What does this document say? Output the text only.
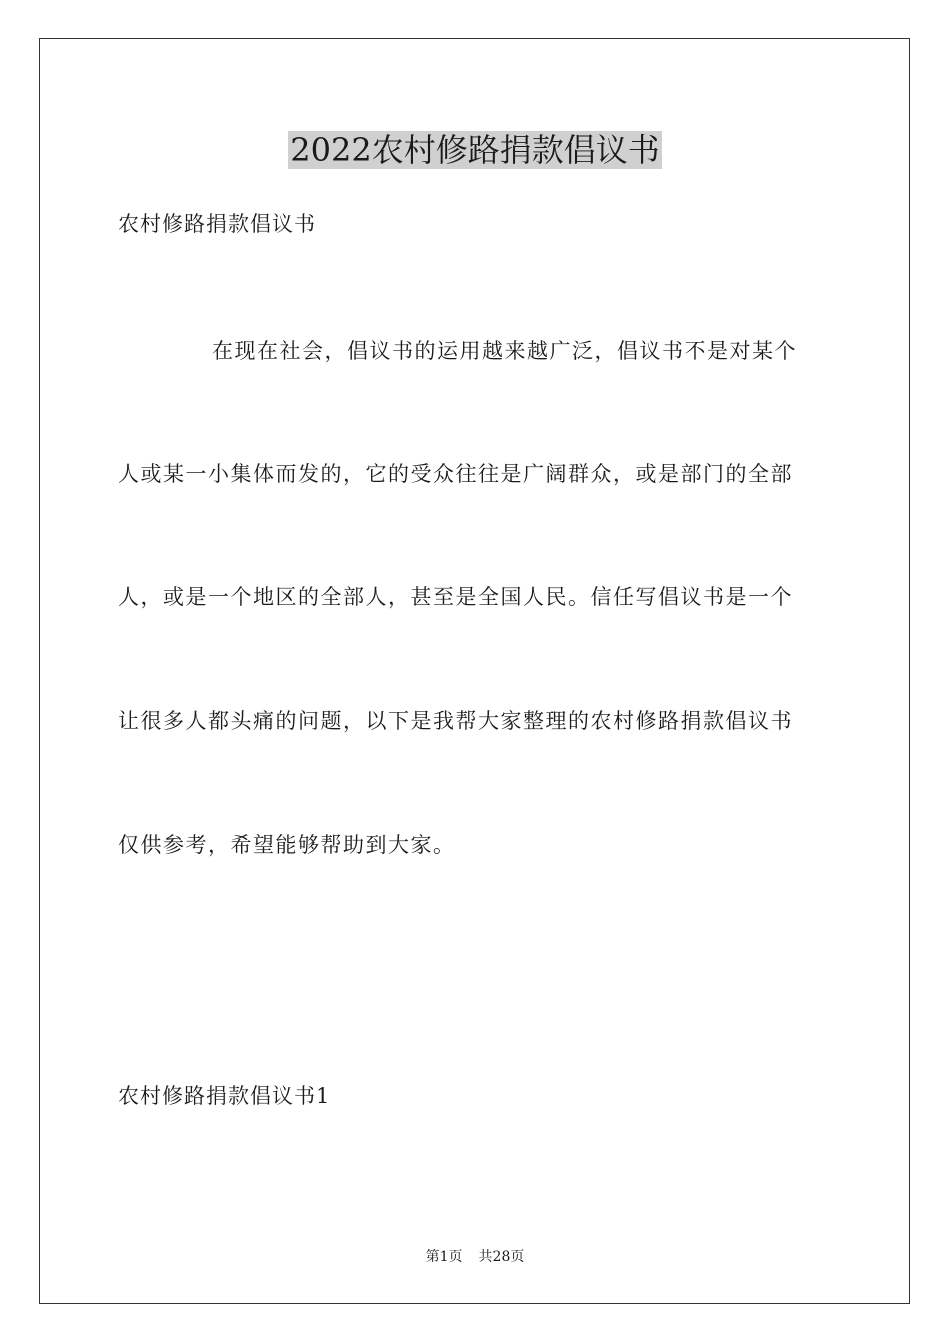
2022农村修路捐款倡议书
农村修路捐款倡议书
在现在社会，倡议书的运用越来越广泛，倡议书不是对某个
人或某一小集体而发的，它的受众往往是广阔群众，或是部门的全部
人，或是一个地区的全部人，甚至是全国人民。信任写倡议书是一个
让很多人都头痛的问题，以下是我帮大家整理的农村修路捐款倡议书
仅供参考，希望能够帮助到大家。
农村修路捐款倡议书1
第1页 共28页
